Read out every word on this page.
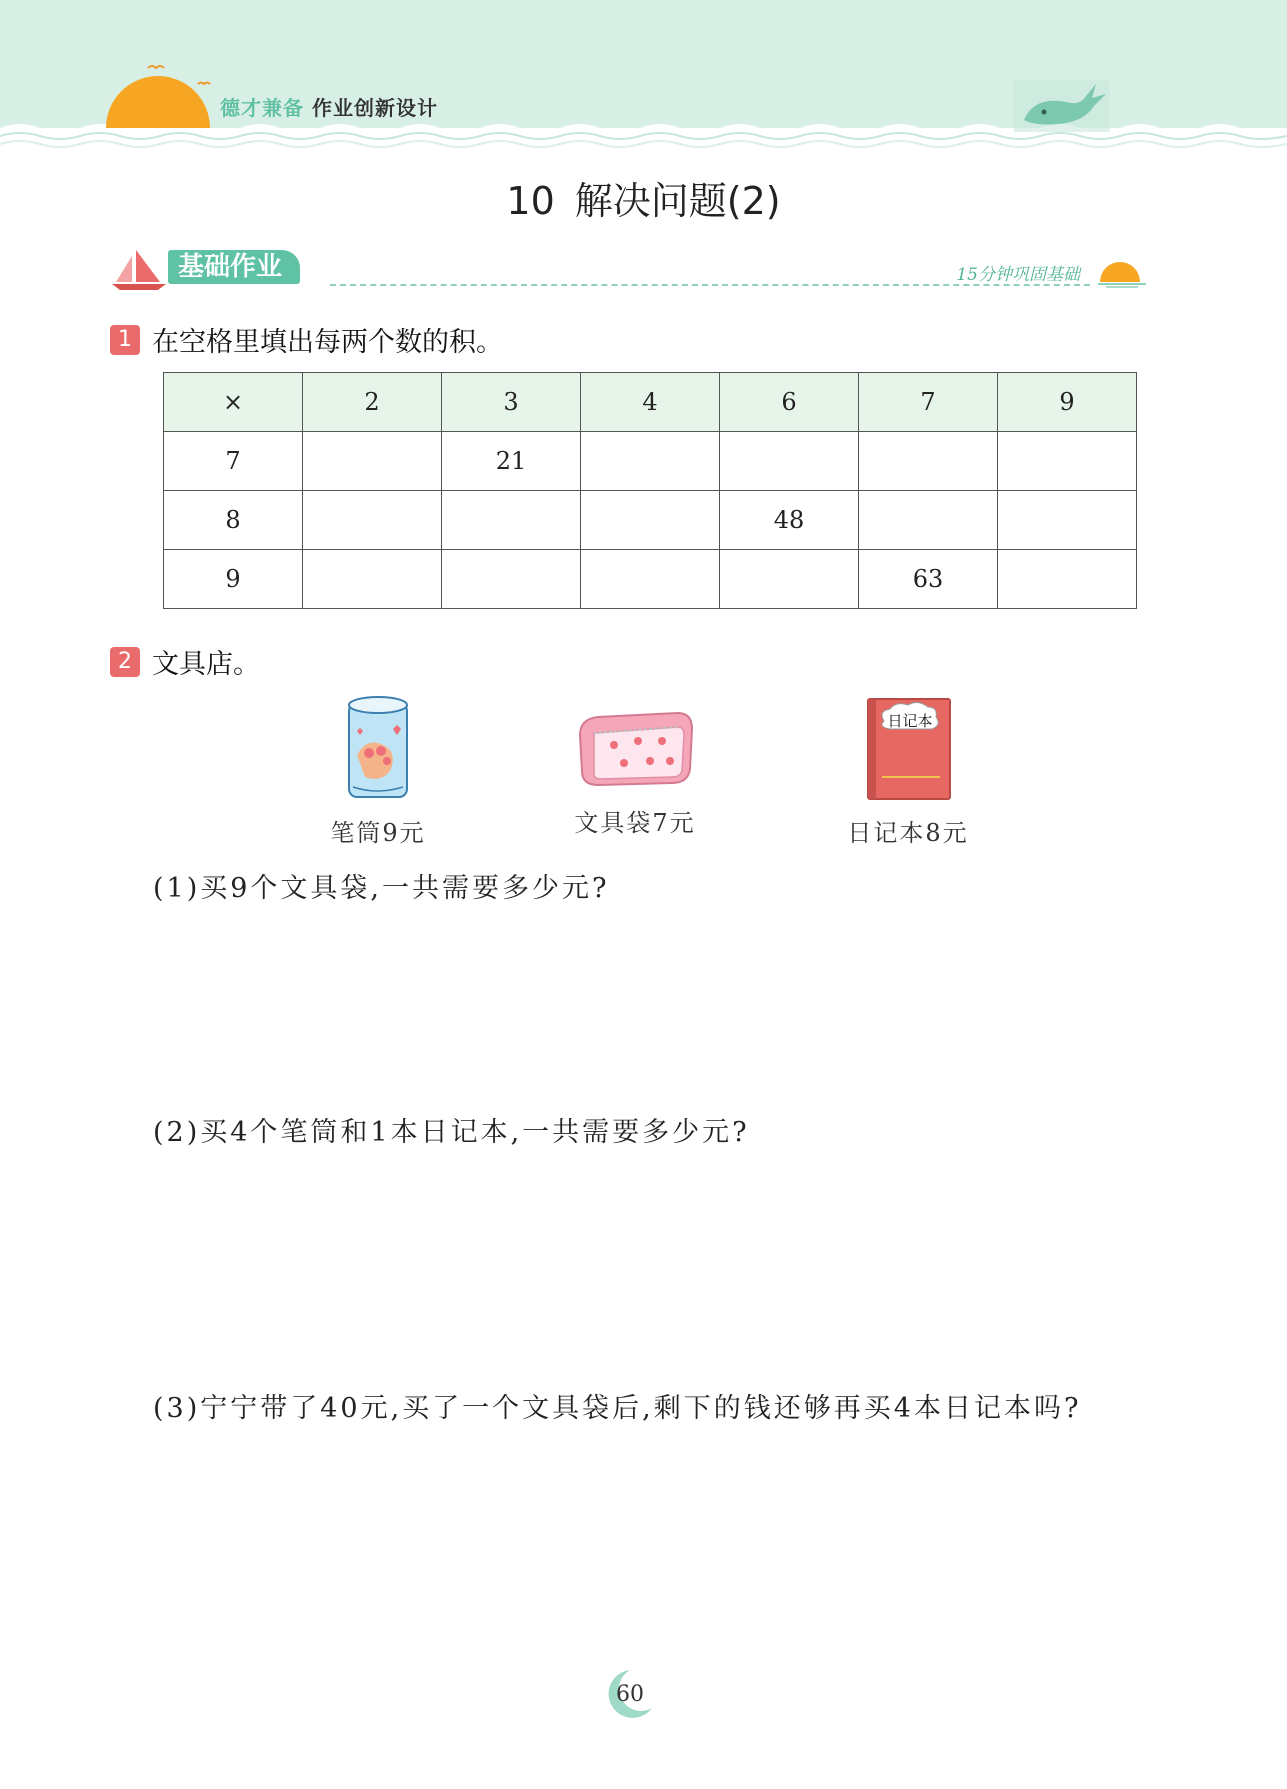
德才兼备 作业创新设计
10 解决问题(2)
基础作业	15分钟巩固基础
1 在空格里填出每两个数的积。
×	2	3	4	6	7	9
7		21				
8				48		
9					63	
2 文具店。
笔筒9元	文具袋7元
日记本
日记本8元
(1)买9个文具袋,一共需要多少元?
(2)买4个笔筒和1本日记本,一共需要多少元?
(3)宁宁带了40元,买了一个文具袋后,剩下的钱还够再买4本日记本吗?
60
